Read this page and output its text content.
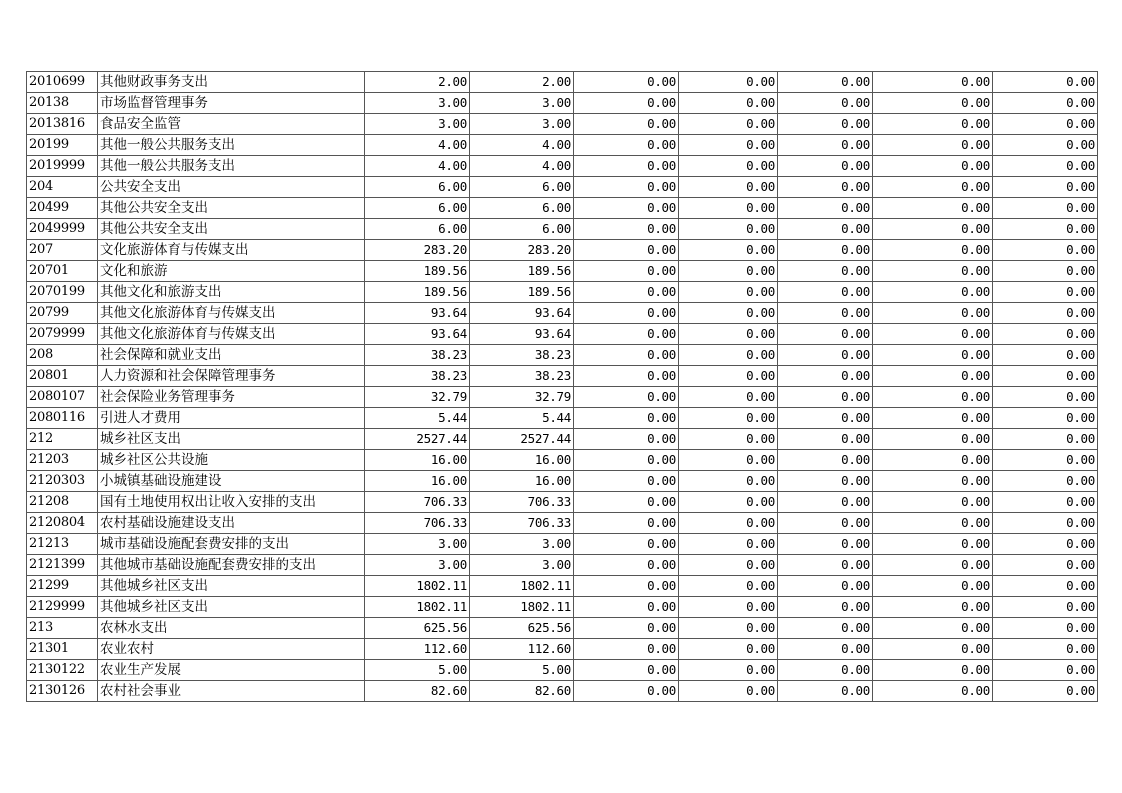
2010699	其他财政事务支出	2.00	2.00	0.00	0.00	0.00	0.00	0.00
20138	市场监督管理事务	3.00	3.00	0.00	0.00	0.00	0.00	0.00
2013816	食品安全监管	3.00	3.00	0.00	0.00	0.00	0.00	0.00
20199	其他一般公共服务支出	4.00	4.00	0.00	0.00	0.00	0.00	0.00
2019999	其他一般公共服务支出	4.00	4.00	0.00	0.00	0.00	0.00	0.00
204	公共安全支出	6.00	6.00	0.00	0.00	0.00	0.00	0.00
20499	其他公共安全支出	6.00	6.00	0.00	0.00	0.00	0.00	0.00
2049999	其他公共安全支出	6.00	6.00	0.00	0.00	0.00	0.00	0.00
207	文化旅游体育与传媒支出	283.20	283.20	0.00	0.00	0.00	0.00	0.00
20701	文化和旅游	189.56	189.56	0.00	0.00	0.00	0.00	0.00
2070199	其他文化和旅游支出	189.56	189.56	0.00	0.00	0.00	0.00	0.00
20799	其他文化旅游体育与传媒支出	93.64	93.64	0.00	0.00	0.00	0.00	0.00
2079999	其他文化旅游体育与传媒支出	93.64	93.64	0.00	0.00	0.00	0.00	0.00
208	社会保障和就业支出	38.23	38.23	0.00	0.00	0.00	0.00	0.00
20801	人力资源和社会保障管理事务	38.23	38.23	0.00	0.00	0.00	0.00	0.00
2080107	社会保险业务管理事务	32.79	32.79	0.00	0.00	0.00	0.00	0.00
2080116	引进人才费用	5.44	5.44	0.00	0.00	0.00	0.00	0.00
212	城乡社区支出	2527.44	2527.44	0.00	0.00	0.00	0.00	0.00
21203	城乡社区公共设施	16.00	16.00	0.00	0.00	0.00	0.00	0.00
2120303	小城镇基础设施建设	16.00	16.00	0.00	0.00	0.00	0.00	0.00
21208	国有土地使用权出让收入安排的支出	706.33	706.33	0.00	0.00	0.00	0.00	0.00
2120804	农村基础设施建设支出	706.33	706.33	0.00	0.00	0.00	0.00	0.00
21213	城市基础设施配套费安排的支出	3.00	3.00	0.00	0.00	0.00	0.00	0.00
2121399	其他城市基础设施配套费安排的支出	3.00	3.00	0.00	0.00	0.00	0.00	0.00
21299	其他城乡社区支出	1802.11	1802.11	0.00	0.00	0.00	0.00	0.00
2129999	其他城乡社区支出	1802.11	1802.11	0.00	0.00	0.00	0.00	0.00
213	农林水支出	625.56	625.56	0.00	0.00	0.00	0.00	0.00
21301	农业农村	112.60	112.60	0.00	0.00	0.00	0.00	0.00
2130122	农业生产发展	5.00	5.00	0.00	0.00	0.00	0.00	0.00
2130126	农村社会事业	82.60	82.60	0.00	0.00	0.00	0.00	0.00
